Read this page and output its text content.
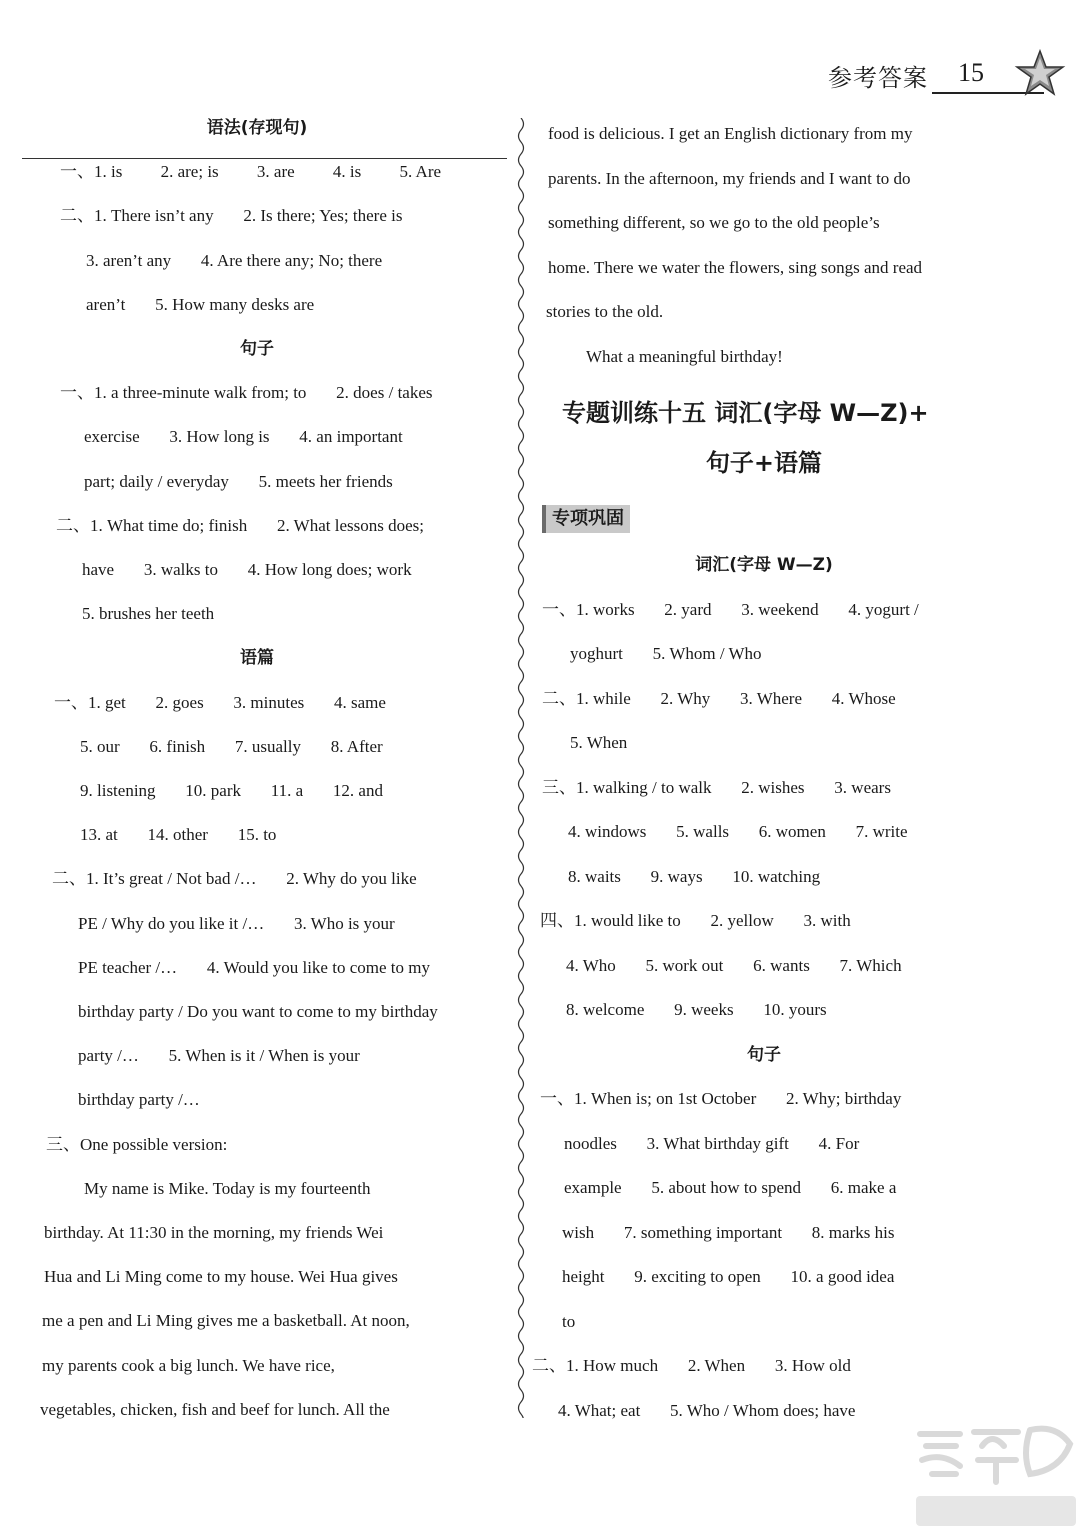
参考答案 15
语法(存现句)
一、1. is         2. are; is         3. are         4. is         5. Are
二、1. There isn’t any       2. Is there; Yes; there is
3. aren’t any       4. Are there any; No; there
aren’t       5. How many desks are
句子
一、1. a three-minute walk from; to       2. does / takes
exercise       3. How long is       4. an important
part; daily / everyday       5. meets her friends
二、1. What time do; finish       2. What lessons does;
have       3. walks to       4. How long does; work
5. brushes her teeth
语篇
一、1. get       2. goes       3. minutes       4. same
5. our       6. finish       7. usually       8. After
9. listening       10. park       11. a       12. and
13. at       14. other       15. to
二、1. It’s great / Not bad /…       2. Why do you like
PE / Why do you like it /…       3. Who is your
PE teacher /…       4. Would you like to come to my
birthday party / Do you want to come to my birthday
party /…       5. When is it / When is your
birthday party /…
三、One possible version:
My name is Mike. Today is my fourteenth
birthday. At 11:30 in the morning, my friends Wei
Hua and Li Ming come to my house. Wei Hua gives
me a pen and Li Ming gives me a basketball. At noon,
my parents cook a big lunch. We have rice,
vegetables, chicken, fish and beef for lunch. All the
food is delicious. I get an English dictionary from my
parents. In the afternoon, my friends and I want to do
something different, so we go to the old people’s
home. There we water the flowers, sing songs and read
stories to the old.
What a meaningful birthday!
专题训练十五 词汇(字母 W—Z)+
句子+语篇
专项巩固
词汇(字母 W—Z)
一、1. works       2. yard       3. weekend       4. yogurt /
yoghurt       5. Whom / Who
二、1. while       2. Why       3. Where       4. Whose
5. When
三、1. walking / to walk       2. wishes       3. wears
4. windows       5. walls       6. women       7. write
8. waits       9. ways       10. watching
四、1. would like to       2. yellow       3. with
4. Who       5. work out       6. wants       7. Which
8. welcome       9. weeks       10. yours
句子
一、1. When is; on 1st October       2. Why; birthday
noodles       3. What birthday gift       4. For
example       5. about how to spend       6. make a
wish       7. something important       8. marks his
height       9. exciting to open       10. a good idea
to
二、1. How much       2. When       3. How old
4. What; eat       5. Who / Whom does; have
